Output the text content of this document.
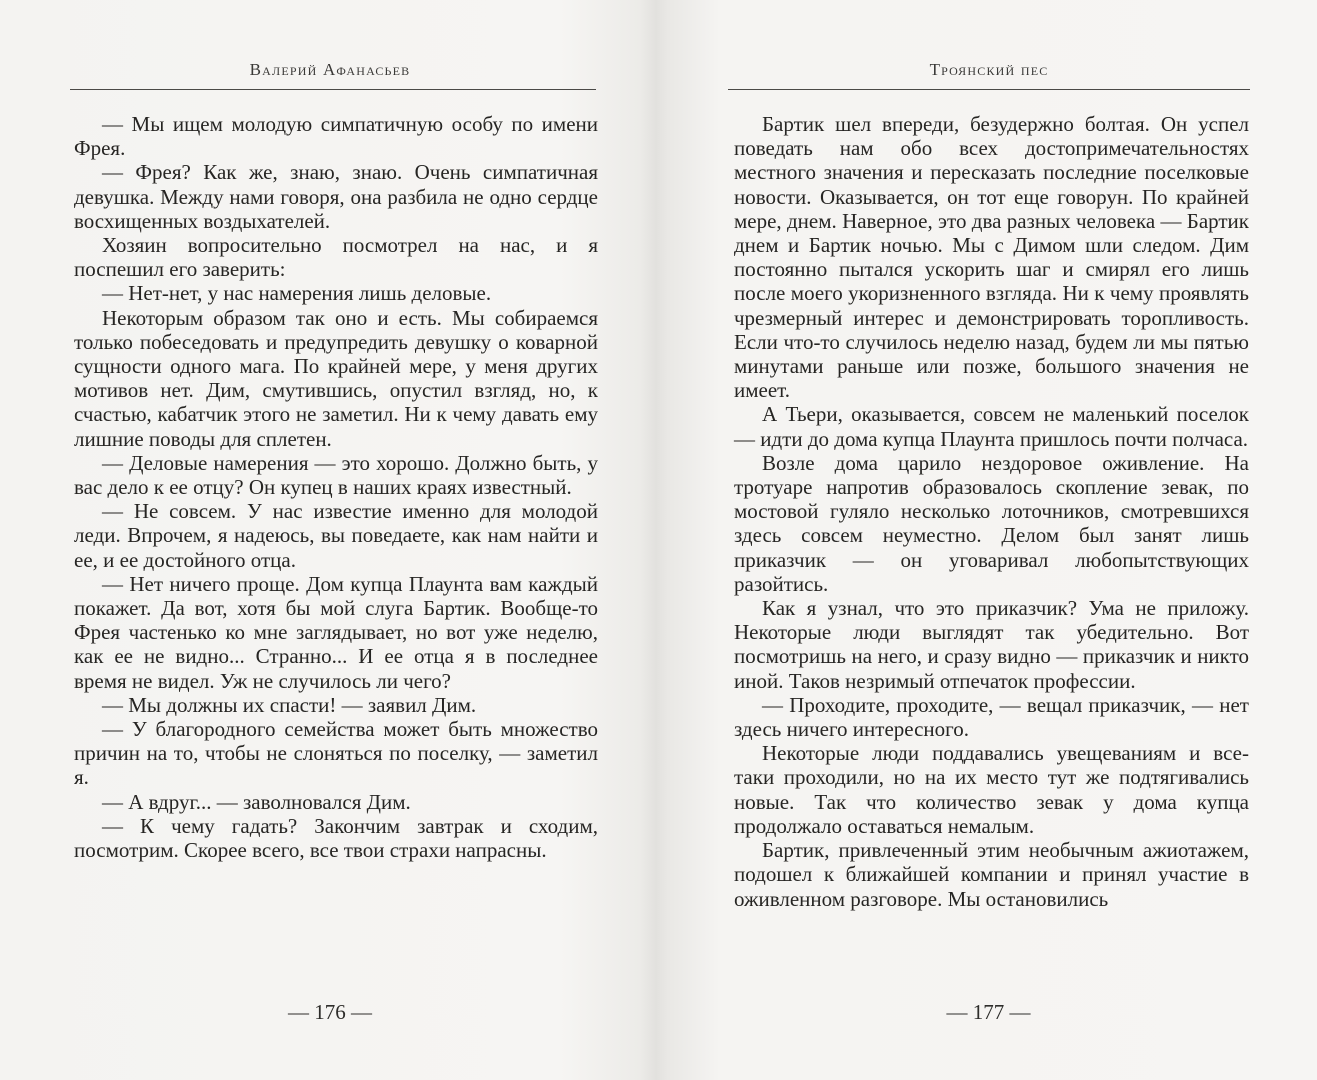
Валерий Афанасьев

— Мы ищем молодую симпатичную особу по имени Фрея.

— Фрея? Как же, знаю, знаю. Очень симпатичная девушка. Между нами говоря, она разбила не одно сердце восхищенных воздыхателей.

Хозяин вопросительно посмотрел на нас, и я поспешил его заверить:

— Нет-нет, у нас намерения лишь деловые.

Некоторым образом так оно и есть. Мы собираемся только побеседовать и предупредить девушку о коварной сущности одного мага. По крайней мере, у меня других мотивов нет. Дим, смутившись, опустил взгляд, но, к счастью, кабатчик этого не заметил. Ни к чему давать ему лишние поводы для сплетен.

— Деловые намерения — это хорошо. Должно быть, у вас дело к ее отцу? Он купец в наших краях известный.

— Не совсем. У нас известие именно для молодой леди. Впрочем, я надеюсь, вы поведаете, как нам найти и ее, и ее достойного отца.

— Нет ничего проще. Дом купца Плаунта вам каждый покажет. Да вот, хотя бы мой слуга Бартик. Вообще-то Фрея частенько ко мне заглядывает, но вот уже неделю, как ее не видно... Странно... И ее отца я в последнее время не видел. Уж не случилось ли чего?

— Мы должны их спасти! — заявил Дим.

— У благородного семейства может быть множество причин на то, чтобы не слоняться по поселку, — заметил я.

— А вдруг... — заволновался Дим.

— К чему гадать? Закончим завтрак и сходим, посмотрим. Скорее всего, все твои страхи напрасны.

— 176 —
Троянский пес

Бартик шел впереди, безудержно болтая. Он успел поведать нам обо всех достопримечательностях местного значения и пересказать последние поселковые новости. Оказывается, он тот еще говорун. По крайней мере, днем. Наверное, это два разных человека — Бартик днем и Бартик ночью. Мы с Димом шли следом. Дим постоянно пытался ускорить шаг и смирял его лишь после моего укоризненного взгляда. Ни к чему проявлять чрезмерный интерес и демонстрировать торопливость. Если что-то случилось неделю назад, будем ли мы пятью минутами раньше или позже, большого значения не имеет.

А Тьери, оказывается, совсем не маленький поселок — идти до дома купца Плаунта пришлось почти полчаса.

Возле дома царило нездоровое оживление. На тротуаре напротив образовалось скопление зевак, по мостовой гуляло несколько лоточников, смотревшихся здесь совсем неуместно. Делом был занят лишь приказчик — он уговаривал любопытствующих разойтись.

Как я узнал, что это приказчик? Ума не приложу. Некоторые люди выглядят так убедительно. Вот посмотришь на него, и сразу видно — приказчик и никто иной. Таков незримый отпечаток профессии.

— Проходите, проходите, — вещал приказчик, — нет здесь ничего интересного.

Некоторые люди поддавались увещеваниям и все-таки проходили, но на их место тут же подтягивались новые. Так что количество зевак у дома купца продолжало оставаться немалым.

Бартик, привлеченный этим необычным ажиотажем, подошел к ближайшей компании и принял участие в оживленном разговоре. Мы остановились

— 177 —
